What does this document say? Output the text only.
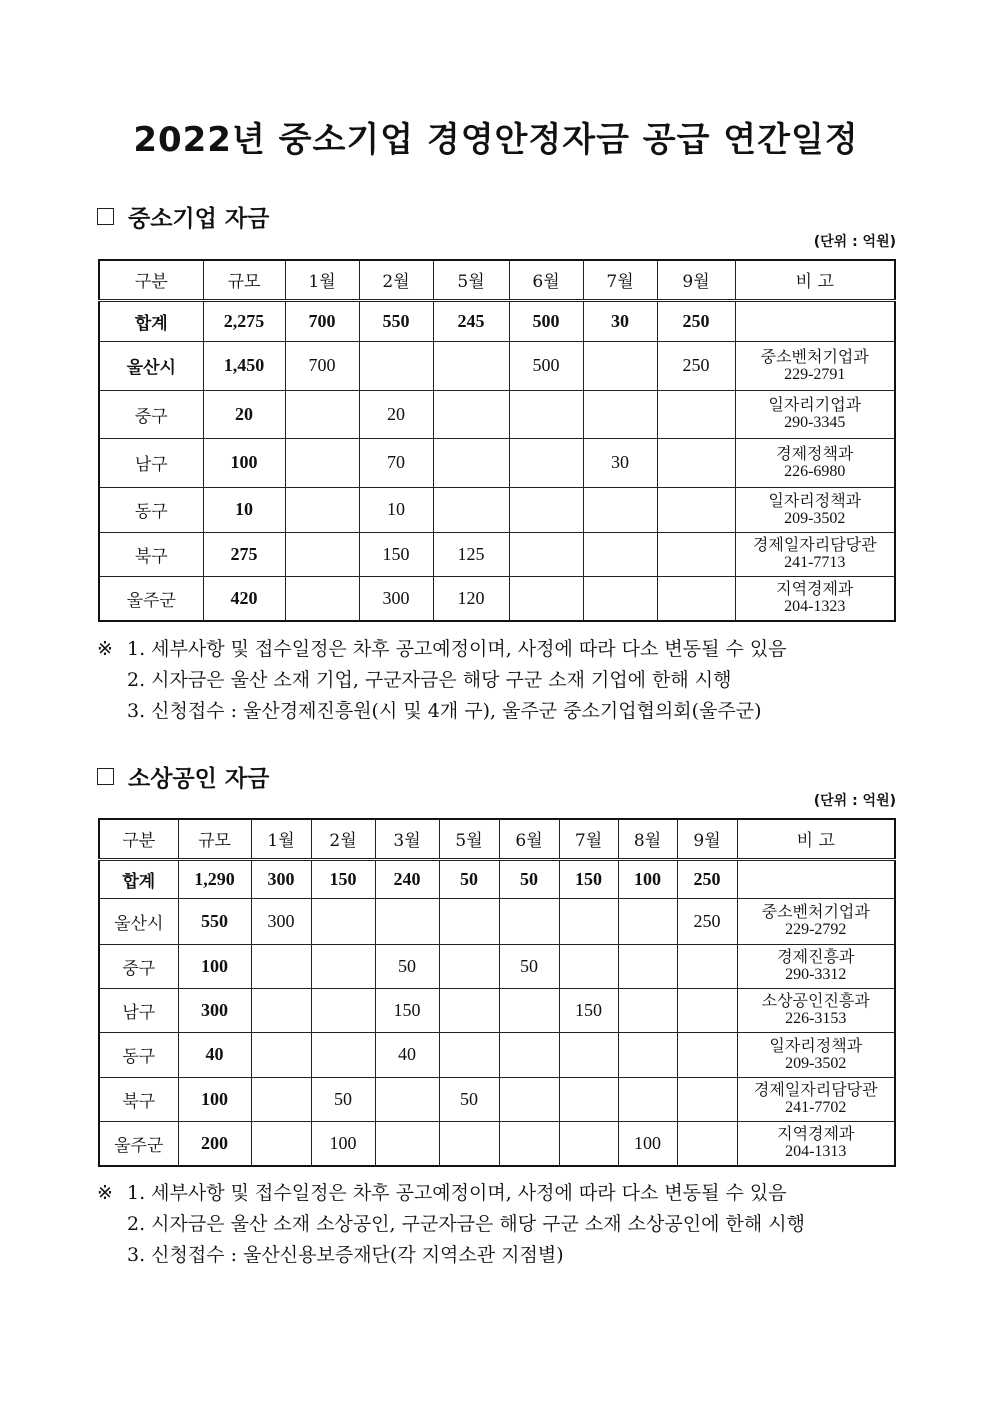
2022년 중소기업 경영안정자금 공급 연간일정
중소기업 자금
(단위 : 억원)
구분	규모	1월	2월	5월	6월	7월	9월	비 고
합계	2,275	700	550	245	500	30	250	

울산시	1,450	700			500		250	중소벤처기업과
229-2791

중구	20		20					일자리기업과
290-3345

남구	100		70			30		경제정책과
226-6980

동구	10		10					일자리정책과
209-3502

북구	275		150	125				경제일자리담당관
241-7713

울주군	420		300	120				지역경제과
204-1323
※ 1. 세부사항 및 접수일정은 차후 공고예정이며, 사정에 따라 다소 변동될 수 있음
2. 시자금은 울산 소재 기업, 구군자금은 해당 구군 소재 기업에 한해 시행
3. 신청접수 : 울산경제진흥원(시 및 4개 구), 울주군 중소기업협의회(울주군)
소상공인 자금
(단위 : 억원)
구분	규모	1월	2월	3월	5월	6월	7월	8월	9월	비 고
합계	1,290	300	150	240	50	50	150	100	250	

울산시	550	300							250	중소벤처기업과
229-2792

중구	100			50		50				경제진흥과
290-3312

남구	300			150			150			소상공인진흥과
226-3153

동구	40			40						일자리정책과
209-3502

북구	100		50		50					경제일자리담당관
241-7702

울주군	200		100					100		지역경제과
204-1313
※ 1. 세부사항 및 접수일정은 차후 공고예정이며, 사정에 따라 다소 변동될 수 있음
2. 시자금은 울산 소재 소상공인, 구군자금은 해당 구군 소재 소상공인에 한해 시행
3. 신청접수 : 울산신용보증재단(각 지역소관 지점별)
